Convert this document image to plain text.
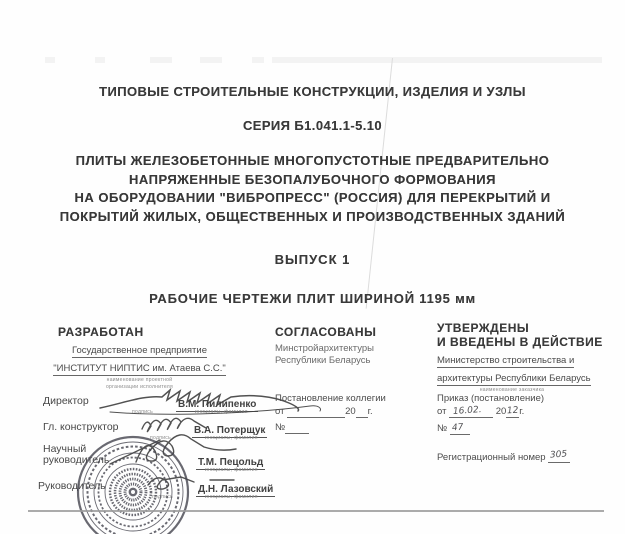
ТИПОВЫЕ СТРОИТЕЛЬНЫЕ КОНСТРУКЦИИ, ИЗДЕЛИЯ И УЗЛЫ
СЕРИЯ Б1.041.1-5.10
ПЛИТЫ ЖЕЛЕЗОБЕТОННЫЕ МНОГОПУСТОТНЫЕ ПРЕДВАРИТЕЛЬНО
НАПРЯЖЕННЫЕ БЕЗОПАЛУБОЧНОГО ФОРМОВАНИЯ
НА ОБОРУДОВАНИИ "ВИБРОПРЕСС" (РОССИЯ) ДЛЯ ПЕРЕКРЫТИЙ И
ПОКРЫТИЙ ЖИЛЫХ, ОБЩЕСТВЕННЫХ И ПРОИЗВОДСТВЕННЫХ ЗДАНИЙ
ВЫПУСК 1
РАБОЧИЕ ЧЕРТЕЖИ ПЛИТ ШИРИНОЙ 1195 мм
РАЗРАБОТАН
Государственное предприятие
"ИНСТИТУТ НИПТИС им. Атаева С.С."
наименование проектной
организации исполнителя
Директор	В.М. Пилипенко
подпись	инициалы, фамилия
Гл. конструктор	В.А. Потерщук
подпись	инициалы, фамилия
Научный руководитель	Т.М. Пецольд
инициалы, фамилия
Руководитель	Д.Н. Лазовский
подпись	инициалы, фамилия
СОГЛАСОВАНЫ
Минстройархитектуры
Республики Беларусь
Постановление коллегии
от	20 г.
№
УТВЕРЖДЕНЫ
И ВВЕДЕНЫ В ДЕЙСТВИЕ
Министерство строительства и
архитектуры Республики Беларусь
наименование заказчика
Приказ (постановление)
от 16.02. 20 12 г.
№ 47
Регистрационный номер 305
